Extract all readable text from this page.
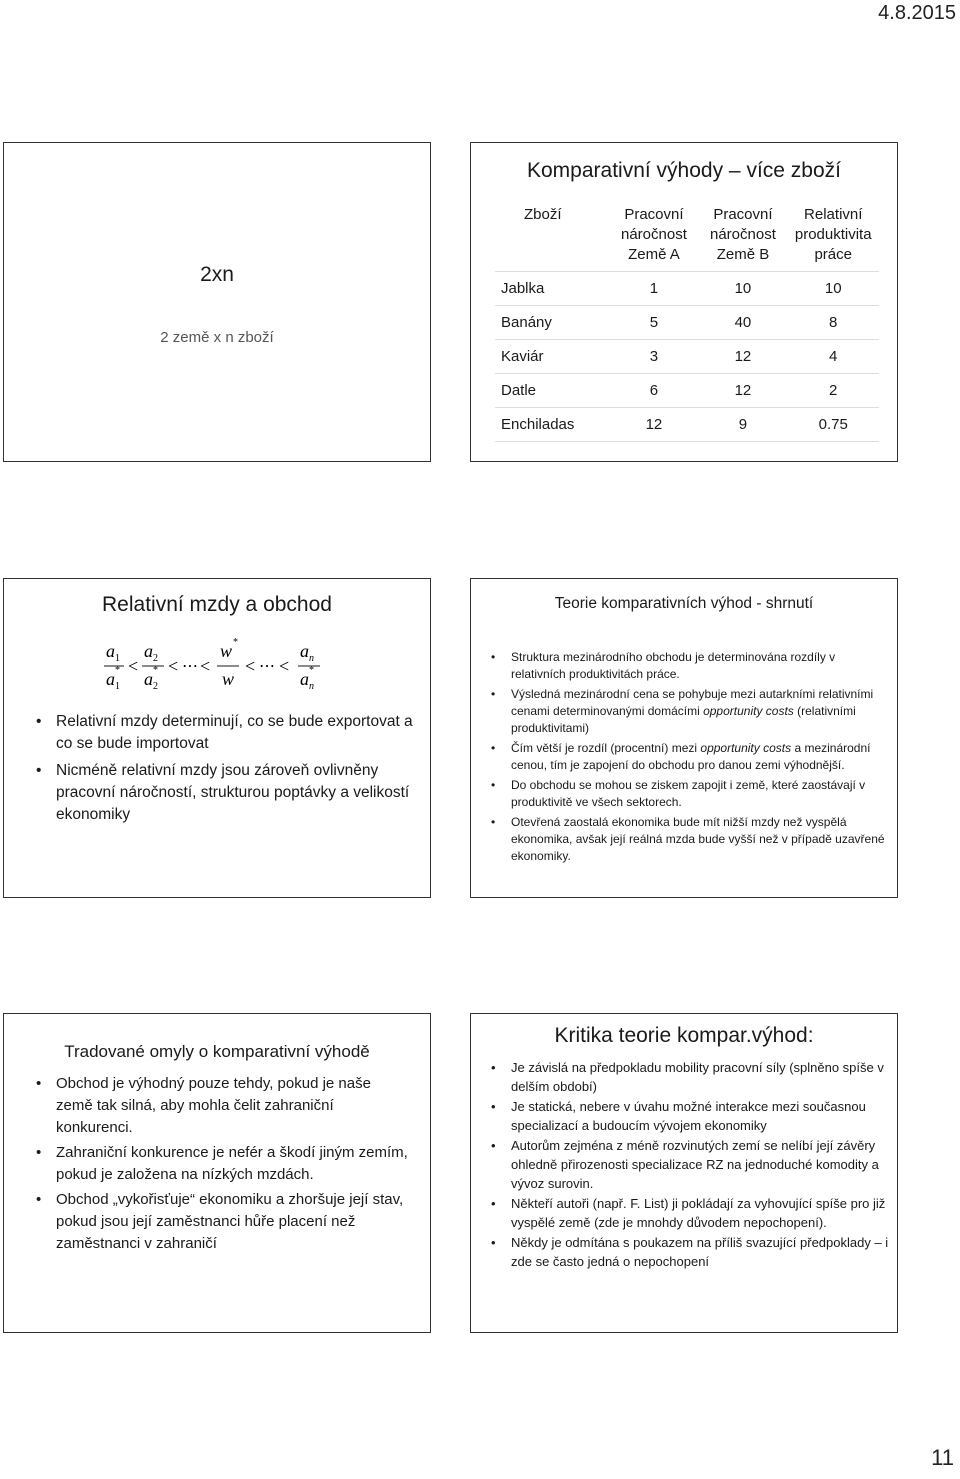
4.8.2015
2xn
2 země x n zboží
Komparativní výhody – více zboží
Zboží	Pracovní náročnost Země A	Pracovní náročnost Země B	Relativní produktivita práce
Jablka	1	10	10
Banány	5	40	8
Kaviár	3	12	4
Datle	6	12	2
Enchiladas	12	9	0.75
Relativní mzdy a obchod
a 1
a 1
* <
a 2
a 2
* < ⋯ <
w *
w
< ⋯ <
a n
a n
*
• Relativní mzdy determinují, co se bude exportovat a co se bude importovat
• Nicméně relativní mzdy jsou zároveň ovlivněny pracovní náročností, strukturou poptávky a velikostí ekonomiky
Teorie komparativních výhod - shrnutí
• Struktura mezinárodního obchodu je determinována rozdíly v relativních produktivitách práce.
• Výsledná mezinárodní cena se pohybuje mezi autarkními relativními cenami determinovanými domácími opportunity costs (relativními produktivitami)
• Čím větší je rozdíl (procentní) mezi opportunity costs a mezinárodní cenou, tím je zapojení do obchodu pro danou zemi výhodnější.
• Do obchodu se mohou se ziskem zapojit i země, které zaostávají v produktivitě ve všech sektorech.
• Otevřená zaostalá ekonomika bude mít nižší mzdy než vyspělá ekonomika, avšak její reálná mzda bude vyšší než v případě uzavřené ekonomiky.
Tradované omyly o komparativní výhodě
• Obchod je výhodný pouze tehdy, pokud je naše země tak silná, aby mohla čelit zahraniční konkurenci.
• Zahraniční konkurence je nefér a škodí jiným zemím, pokud je založena na nízkých mzdách.
• Obchod „vykořisťuje“ ekonomiku a zhoršuje její stav, pokud jsou její zaměstnanci hůře placení než zaměstnanci v zahraničí
Kritika teorie kompar.výhod:
• Je závislá na předpokladu mobility pracovní síly (splněno spíše v delším období)
• Je statická, nebere v úvahu možné interakce mezi současnou specializací a budoucím vývojem ekonomiky
• Autorům zejména z méně rozvinutých zemí se nelíbí její závěry ohledně přirozenosti specializace RZ na jednoduché komodity a vývoz surovin.
• Někteří autoři (např. F. List) ji pokládají za vyhovující spíše pro již vyspělé země (zde je mnohdy důvodem nepochopení).
• Někdy je odmítána s poukazem na příliš svazující předpoklady – i zde se často jedná o nepochopení
11
